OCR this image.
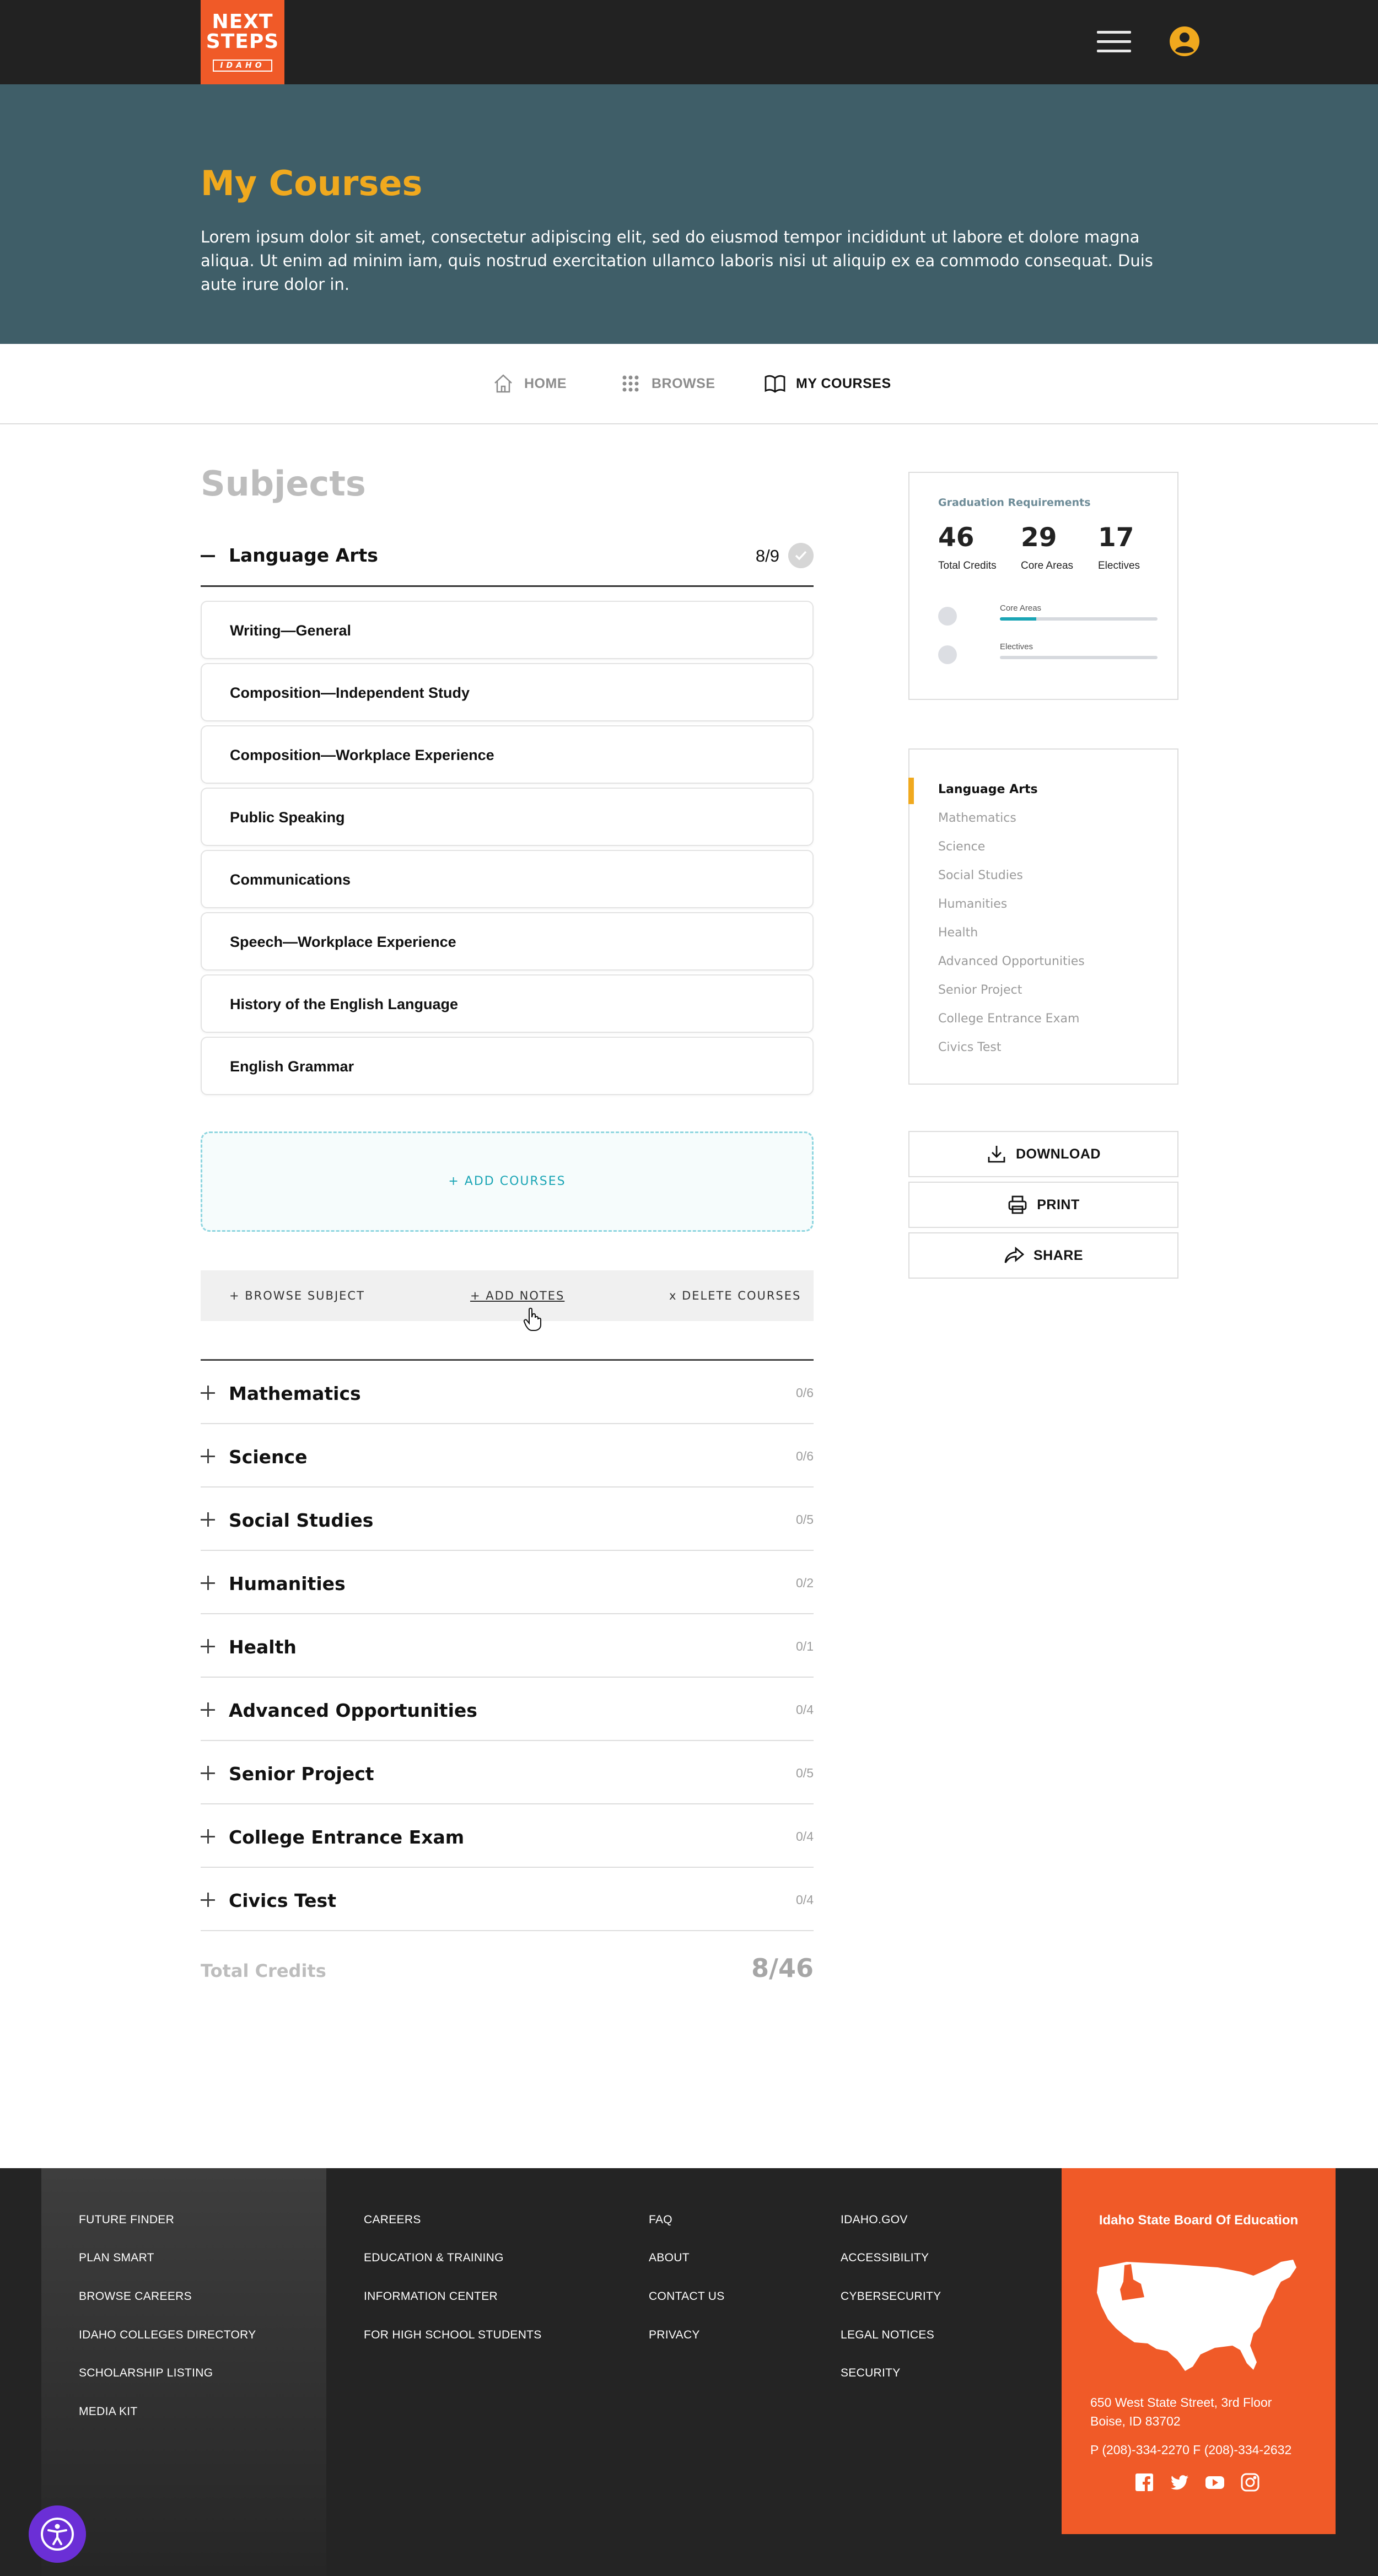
NEXT
STEPS
IDAHO
My Courses

Lorem ipsum dolor sit amet, consectetur adipiscing elit, sed do eiusmod tempor incididunt ut labore et dolore magna aliqua. Ut enim ad minim iam, quis nostrud exercitation ullamco laboris nisi ut aliquip ex ea commodo consequat. Duis aute irure dolor in.

HOME	BROWSE	MY COURSES
Subjects
Language Arts	8/9
Writing—General
Composition—Independent Study
Composition—Workplace Experience
Public Speaking
Communications
Speech—Workplace Experience
History of the English Language
English Grammar
+ ADD COURSES
+ BROWSE SUBJECT	+ ADD NOTES	x DELETE COURSES
Mathematics	0/6
Science	0/6
Social Studies	0/5
Humanities	0/2
Health	0/1
Advanced Opportunities	0/4
Senior Project	0/5
College Entrance Exam	0/4
Civics Test	0/4
Total Credits	8/46
Graduation Requirements
46
Total Credits
29
Core Areas
17
Electives
Core Areas
Electives
Language Arts
Mathematics
Science
Social Studies
Humanities
Health
Advanced Opportunities
Senior Project
College Entrance Exam
Civics Test
DOWNLOAD
PRINT
SHARE
FUTURE FINDER
PLAN SMART
BROWSE CAREERS
IDAHO COLLEGES DIRECTORY
SCHOLARSHIP LISTING
MEDIA KIT
CAREERS
EDUCATION & TRAINING
INFORMATION CENTER
FOR HIGH SCHOOL STUDENTS
FAQ
ABOUT
CONTACT US
PRIVACY
IDAHO.GOV
ACCESSIBILITY
CYBERSECURITY
LEGAL NOTICES
SECURITY
Idaho State Board Of Education
650 West State Street, 3rd Floor
Boise, ID 83702
P (208)-334-2270 F (208)-334-2632
